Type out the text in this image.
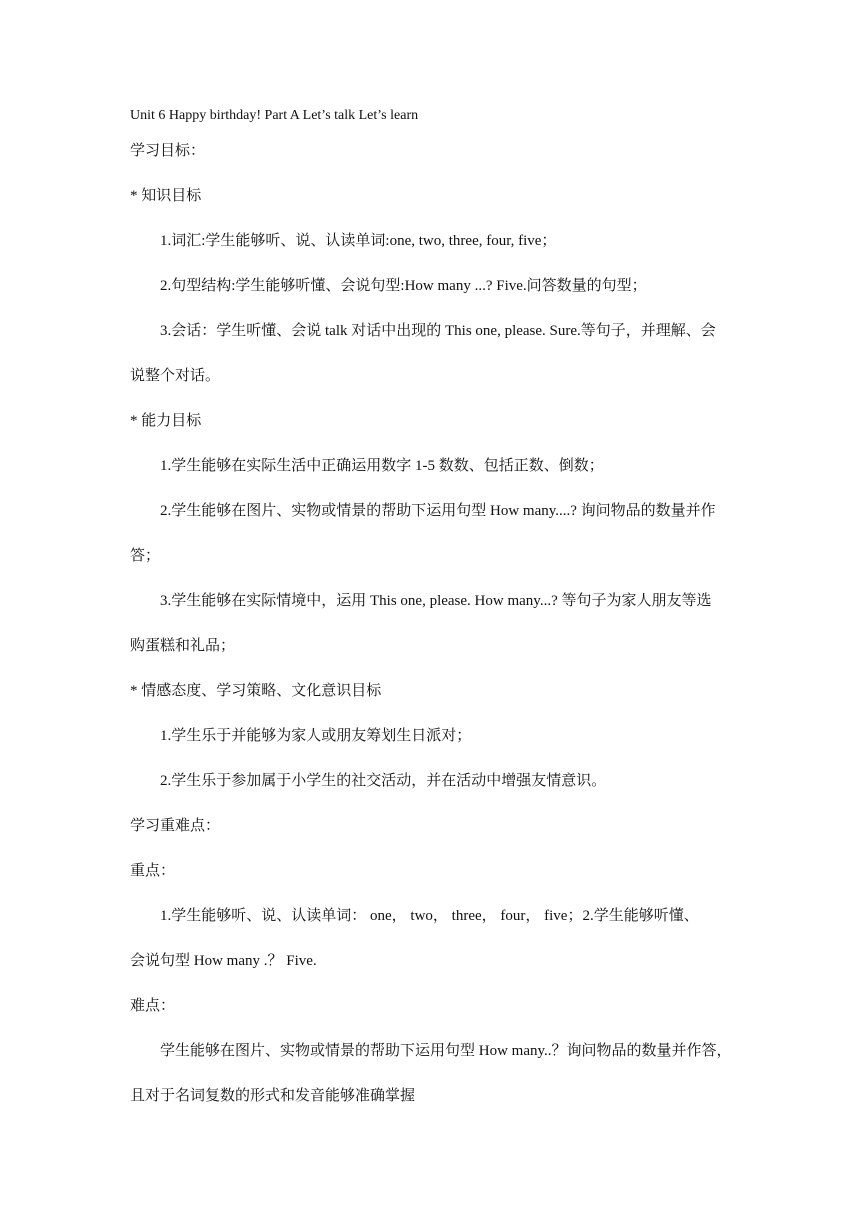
Unit 6 Happy birthday! Part A Let’s talk Let’s learn
学习目标：
* 知识目标
1.词汇:学生能够听、说、认读单词:one, two, three, four, five；
2.句型结构:学生能够听懂、会说句型:How many ...? Five.问答数量的句型；
3.会话：学生听懂、会说 talk 对话中出现的 This one, please. Sure.等句子，并理解、会
说整个对话。
* 能力目标
1.学生能够在实际生活中正确运用数字 1-5 数数、包括正数、倒数；
2.学生能够在图片、实物或情景的帮助下运用句型 How many....? 询问物品的数量并作
答；
3.学生能够在实际情境中，运用 This one, please. How many...? 等句子为家人朋友等选
购蛋糕和礼品；
* 情感态度、学习策略、文化意识目标
1.学生乐于并能够为家人或朋友筹划生日派对；
2.学生乐于参加属于小学生的社交活动，并在活动中增强友情意识。
学习重难点：
重点：
1.学生能够听、说、认读单词： one， two， three， four， five；2.学生能够听懂、
会说句型 How many .？ Five.
难点：
学生能够在图片、实物或情景的帮助下运用句型 How many..？询问物品的数量并作答，
且对于名词复数的形式和发音能够准确掌握
